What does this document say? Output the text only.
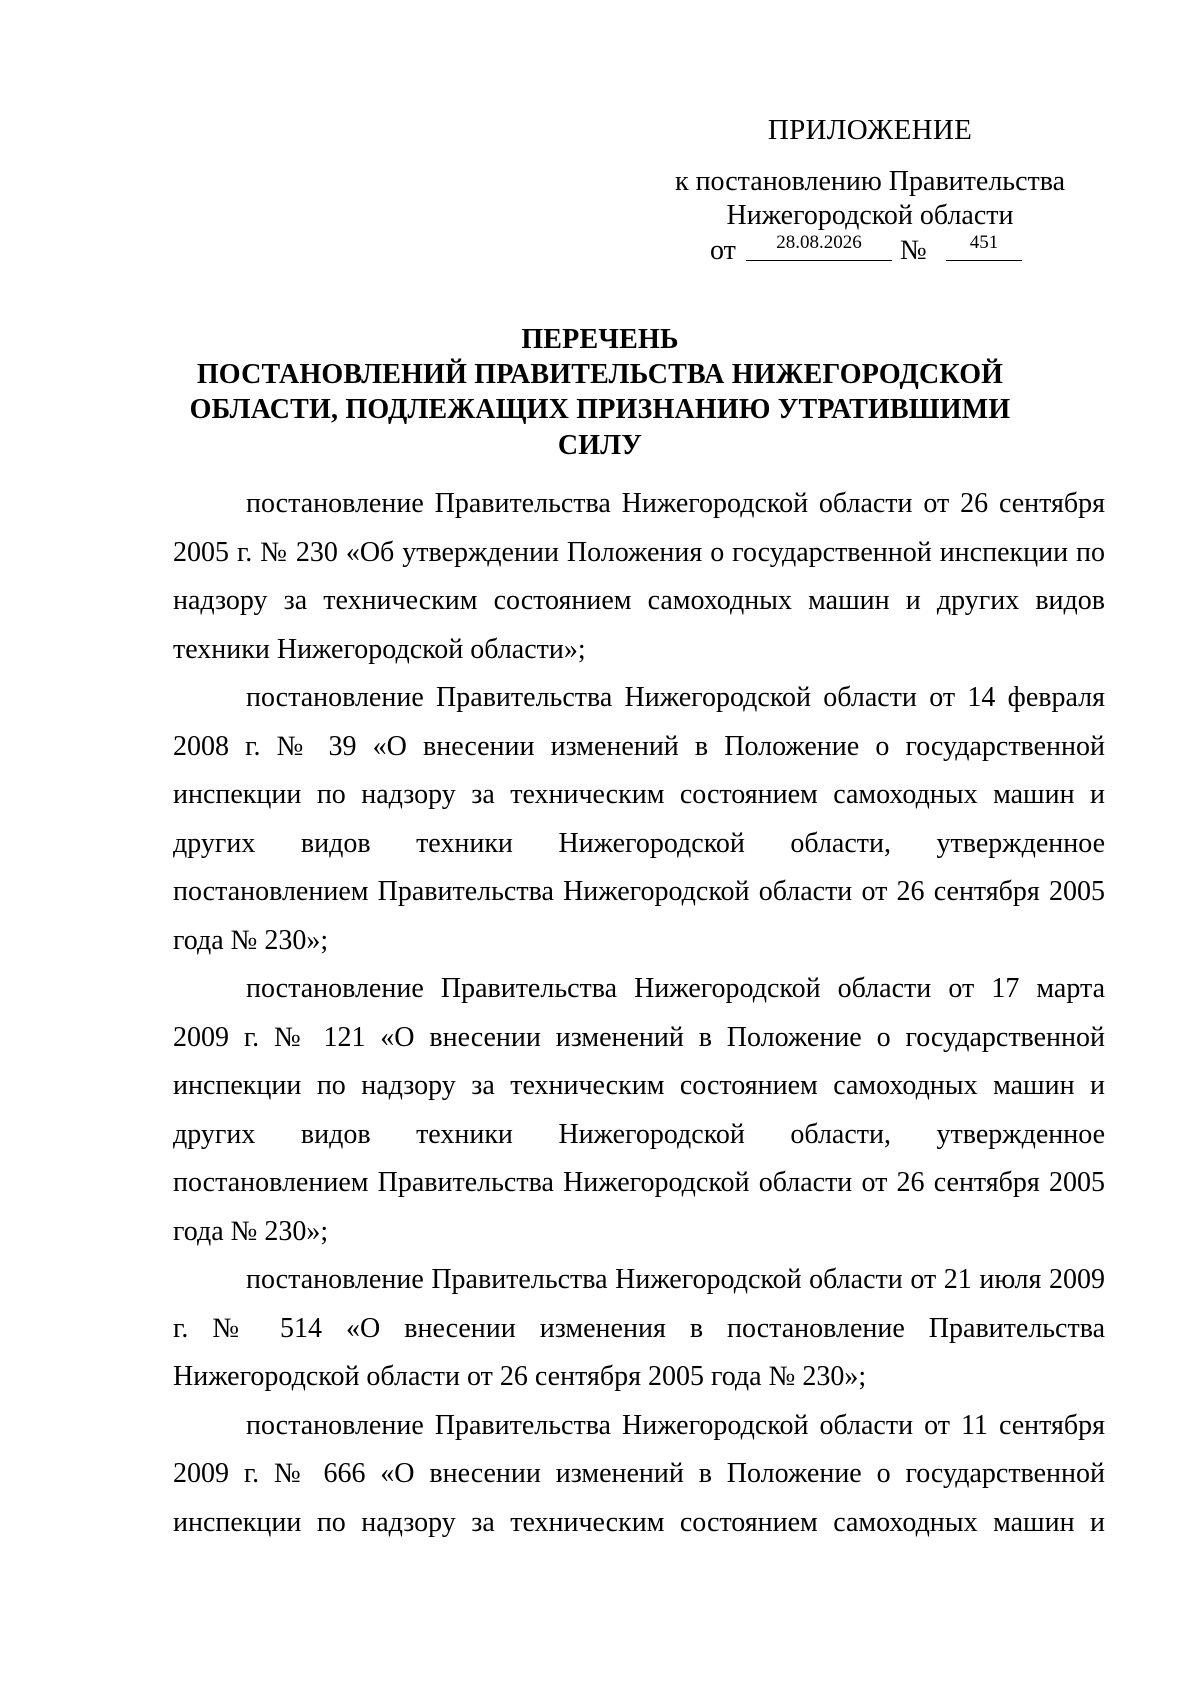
ПРИЛОЖЕНИЕ
к постановлению Правительства
Нижегородской области
от	28.08.2026	№	451
ПЕРЕЧЕНЬ
ПОСТАНОВЛЕНИЙ ПРАВИТЕЛЬСТВА НИЖЕГОРОДСКОЙ
ОБЛАСТИ, ПОДЛЕЖАЩИХ ПРИЗНАНИЮ УТРАТИВШИМИ СИЛУ

постановление Правительства Нижегородской области от 26 сентября 2005 г. № 230 «Об утверждении Положения о государственной инспекции по надзору за техническим состоянием самоходных машин и других видов техники Нижегородской области»;

постановление Правительства Нижегородской области от 14 февраля 2008 г. № 39 «О внесении изменений в Положение о государственной инспекции по надзору за техническим состоянием самоходных машин и других видов техники Нижегородской области, утвержденное постановлением Правительства Нижегородской области от 26 сентября 2005 года № 230»;

постановление Правительства Нижегородской области от 17 марта 2009 г. № 121 «О внесении изменений в Положение о государственной инспекции по надзору за техническим состоянием самоходных машин и других видов техники Нижегородской области, утвержденное постановлением Правительства Нижегородской области от 26 сентября 2005 года № 230»;

постановление Правительства Нижегородской области от 21 июля 2009 г. № 514 «О внесении изменения в постановление Правительства Нижегородской области от 26 сентября 2005 года № 230»;

постановление Правительства Нижегородской области от 11 сентября 2009 г. № 666 «О внесении изменений в Положение о государственной инспекции по надзору за техническим состоянием самоходных машин и
